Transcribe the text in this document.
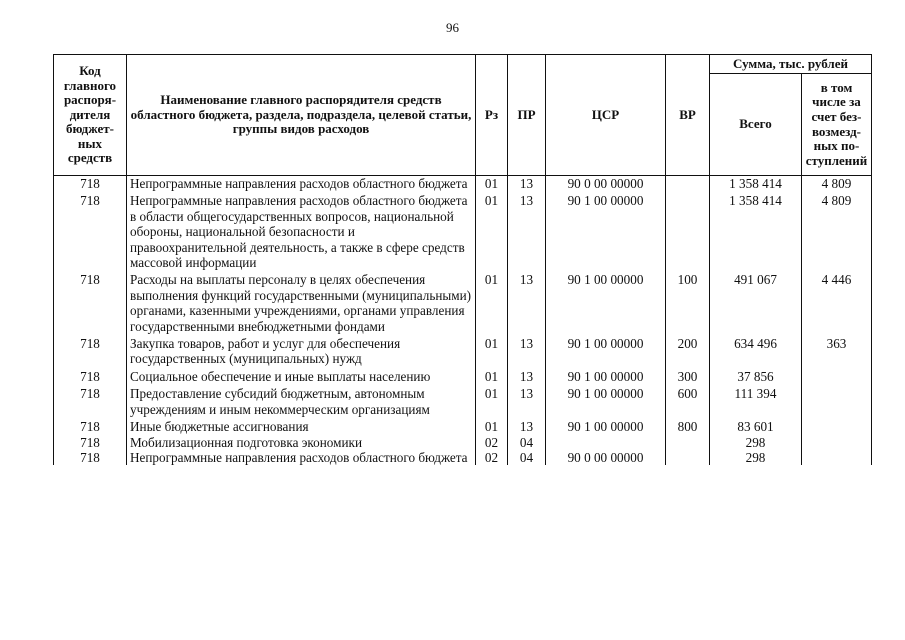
96
Код главного распоря- дителя бюджет- ных средств	Наименование главного распорядителя средств областного бюджета, раздела, подраздела, целевой статьи, группы видов расходов	Рз	ПР	ЦСР	ВР	Сумма, тыс. рублей	
						Всего	в том числе за счет без- возмезд- ных по- ступлений
718	Непрограммные направления расходов областного бюджета	01	13	90 0 00 00000		1 358 414	4 809
718	Непрограммные направления расходов областного бюджета в области общегосударственных вопросов, национальной обороны, национальной безопасности и правоохранительной деятельность, а также в сфере средств массовой информации	01	13	90 1 00 00000		1 358 414	4 809
718	Расходы на выплаты персоналу в целях обеспечения выполнения функций государственными (муниципальными) органами, казенными учреждениями, органами управления государственными внебюджетными фондами	01	13	90 1 00 00000	100	491 067	4 446
718	Закупка товаров, работ и услуг для обеспечения государственных (муниципальных) нужд	01	13	90 1 00 00000	200	634 496	363
718	Социальное обеспечение и иные выплаты населению	01	13	90 1 00 00000	300	37 856	
718	Предоставление субсидий бюджетным, автономным учреждениям и иным некоммерческим организациям	01	13	90 1 00 00000	600	111 394	
718	Иные бюджетные ассигнования	01	13	90 1 00 00000	800	83 601	
718	Мобилизационная подготовка экономики	02	04			298	
718	Непрограммные направления расходов областного бюджета	02	04	90 0 00 00000		298	
